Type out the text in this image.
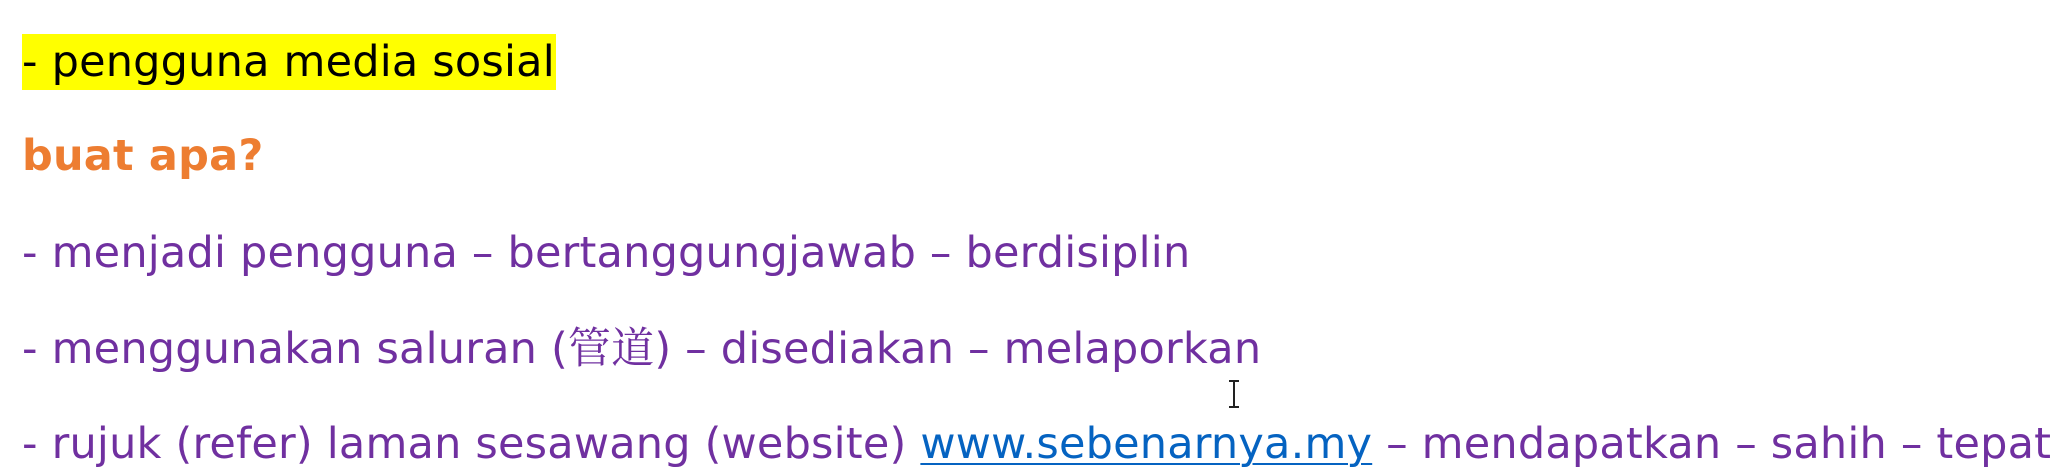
- pengguna media sosial
buat apa?
- menjadi pengguna – bertanggungjawab – berdisiplin
- menggunakan saluran (管道) – disediakan – melaporkan
- rujuk (refer) laman sesawang (website) www.sebenarnya.my – mendapatkan – sahih – tepat
